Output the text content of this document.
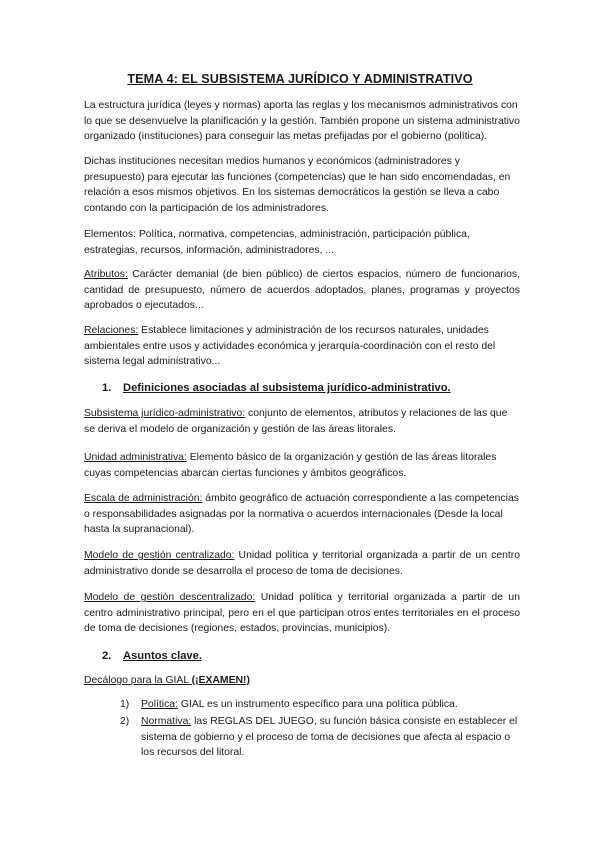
TEMA 4: EL SUBSISTEMA JURÍDICO Y ADMINISTRATIVO

La estructura jurídica (leyes y normas) aporta las reglas y los mecanismos administrativos con lo que se desenvuelve la planificación y la gestión. También propone un sistema administrativo organizado (instituciones) para conseguir las metas prefijadas por el gobierno (política).

Dichas instituciones necesitan medios humanos y económicos (administradores y presupuesto) para ejecutar las funciones (competencias) que le han sido encomendadas, en relación a esos mismos objetivos. En los sistemas democráticos la gestión se lleva a cabo contando con la participación de los administradores.

Elementos: Política, normativa, competencias, administración, participación pública, estrategias, recursos, información, administradores, ...

Atributos: Carácter demanial (de bien público) de ciertos espacios, número de funcionarios, cantidad de presupuesto, número de acuerdos adoptados, planes, programas y proyectos aprobados o ejecutados...

Relaciones: Establece limitaciones y administración de los recursos naturales, unidades ambientales entre usos y actividades económica y jerarquía-coordinación con el resto del sistema legal administrativo...

1. Definiciones asociadas al subsistema jurídico-administrativo.

Subsistema jurídico-administrativo: conjunto de elementos, atributos y relaciones de las que se deriva el modelo de organización y gestión de las áreas litorales.

Unidad administrativa: Elemento básico de la organización y gestión de las áreas litorales cuyas competencias abarcan ciertas funciones y ámbitos geográficos.

Escala de administración: ámbito geográfico de actuación correspondiente a las competencias o responsabilidades asignadas por la normativa o acuerdos internacionales (Desde la local hasta la supranacional).

Modelo de gestión centralizado: Unidad política y territorial organizada a partir de un centro administrativo donde se desarrolla el proceso de toma de decisiones.

Modelo de gestión descentralizado: Unidad política y territorial organizada a partir de un centro administrativo principal, pero en el que participan otros entes territoriales en el proceso de toma de decisiones (regiones, estados, provincias, municipios).

2. Asuntos clave.
Decálogo para la GIAL (¡EXAMEN!)
1) Política: GIAL es un instrumento específico para una política pública.
2) Normativa: las REGLAS DEL JUEGO, su función básica consiste en establecer el sistema de gobierno y el proceso de toma de decisiones que afecta al espacio o los recursos del litoral.
